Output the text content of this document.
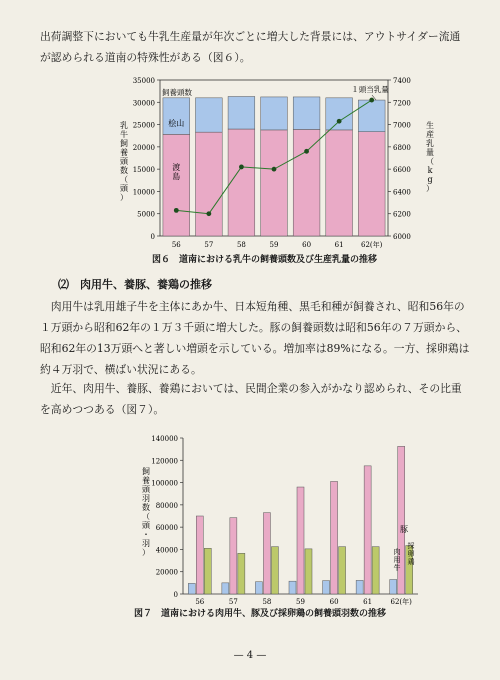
出荷調整下においても牛乳生産量が年次ごとに増大した背景には、アウトサイダー流通が認められる道南の特殊性がある（図６）。

0
5000
10000
15000
20000
25000
30000
35000
6000
6200
6400
6600
6800
7000
7200
7400
乳
牛
飼
養
頭
数
（
頭
）
生
産
乳
量
（
k
g
）
56	57	58	59	60	61 62(年)
渡
島
桧山
飼養頭数	１頭当乳量
0
20000
40000
60000
80000
100000
120000
140000
飼
養
頭
羽
数
（
頭
・
羽
）
56	57	58	59	60	61	62(年)
豚
肉
用
牛
採
卵
鶏
図６　道南における乳牛の飼養頭数及び生産乳量の推移
⑵　肉用牛、養豚、養鶏の推移

肉用牛は乳用雄子牛を主体にあか牛、日本短角種、黒毛和種が飼養され、昭和56年の１万頭から昭和62年の１万３千頭に増大した。豚の飼養頭数は昭和56年の７万頭から、昭和62年の13万頭へと著しい増頭を示している。増加率は89%になる。一方、採卵鶏は約４万羽で、横ばい状況にある。

近年、肉用牛、養豚、養鶏においては、民間企業の参入がかなり認められ、その比重を高めつつある（図７）。

図７　道南における肉用牛、豚及び採卵鶏の飼養頭羽数の推移
— 4 —
